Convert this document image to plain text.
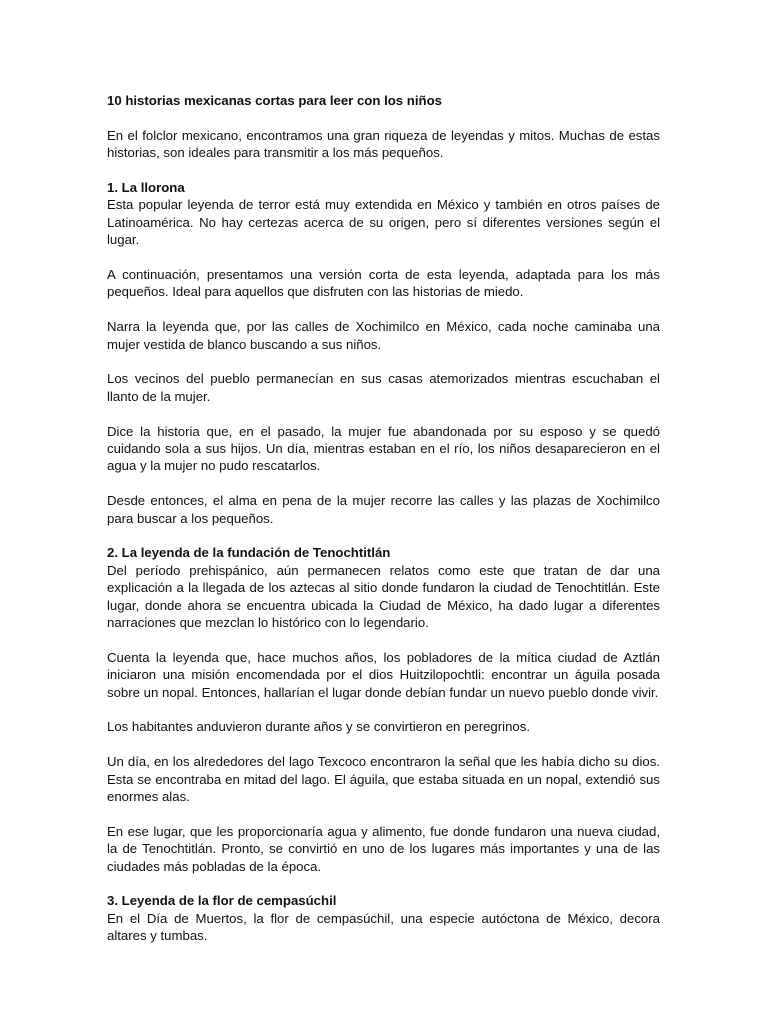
10 historias mexicanas cortas para leer con los niños

En el folclor mexicano, encontramos una gran riqueza de leyendas y mitos. Muchas de estas historias, son ideales para transmitir a los más pequeños.

1. La llorona

Esta popular leyenda de terror está muy extendida en México y también en otros países de Latinoamérica. No hay certezas acerca de su origen, pero sí diferentes versiones según el lugar.

A continuación, presentamos una versión corta de esta leyenda, adaptada para los más pequeños. Ideal para aquellos que disfruten con las historias de miedo.

Narra la leyenda que, por las calles de Xochimilco en México, cada noche caminaba una mujer vestida de blanco buscando a sus niños.

Los vecinos del pueblo permanecían en sus casas atemorizados mientras escuchaban el llanto de la mujer.

Dice la historia que, en el pasado, la mujer fue abandonada por su esposo y se quedó cuidando sola a sus hijos. Un día, mientras estaban en el río, los niños desaparecieron en el agua y la mujer no pudo rescatarlos.

Desde entonces, el alma en pena de la mujer recorre las calles y las plazas de Xochimilco para buscar a los pequeños.

2. La leyenda de la fundación de Tenochtitlán

Del período prehispánico, aún permanecen relatos como este que tratan de dar una explicación a la llegada de los aztecas al sitio donde fundaron la ciudad de Tenochtitlán. Este lugar, donde ahora se encuentra ubicada la Ciudad de México, ha dado lugar a diferentes narraciones que mezclan lo histórico con lo legendario.

Cuenta la leyenda que, hace muchos años, los pobladores de la mítica ciudad de Aztlán iniciaron una misión encomendada por el dios Huitzilopochtli: encontrar un águila posada sobre un nopal. Entonces, hallarían el lugar donde debían fundar un nuevo pueblo donde vivir.

Los habitantes anduvieron durante años y se convirtieron en peregrinos.

Un día, en los alrededores del lago Texcoco encontraron la señal que les había dicho su dios. Esta se encontraba en mitad del lago. El águila, que estaba situada en un nopal, extendió sus enormes alas.

En ese lugar, que les proporcionaría agua y alimento, fue donde fundaron una nueva ciudad, la de Tenochtitlán. Pronto, se convirtió en uno de los lugares más importantes y una de las ciudades más pobladas de la época.

3. Leyenda de la flor de cempasúchil

En el Día de Muertos, la flor de cempasúchil, una especie autóctona de México, decora altares y tumbas.
